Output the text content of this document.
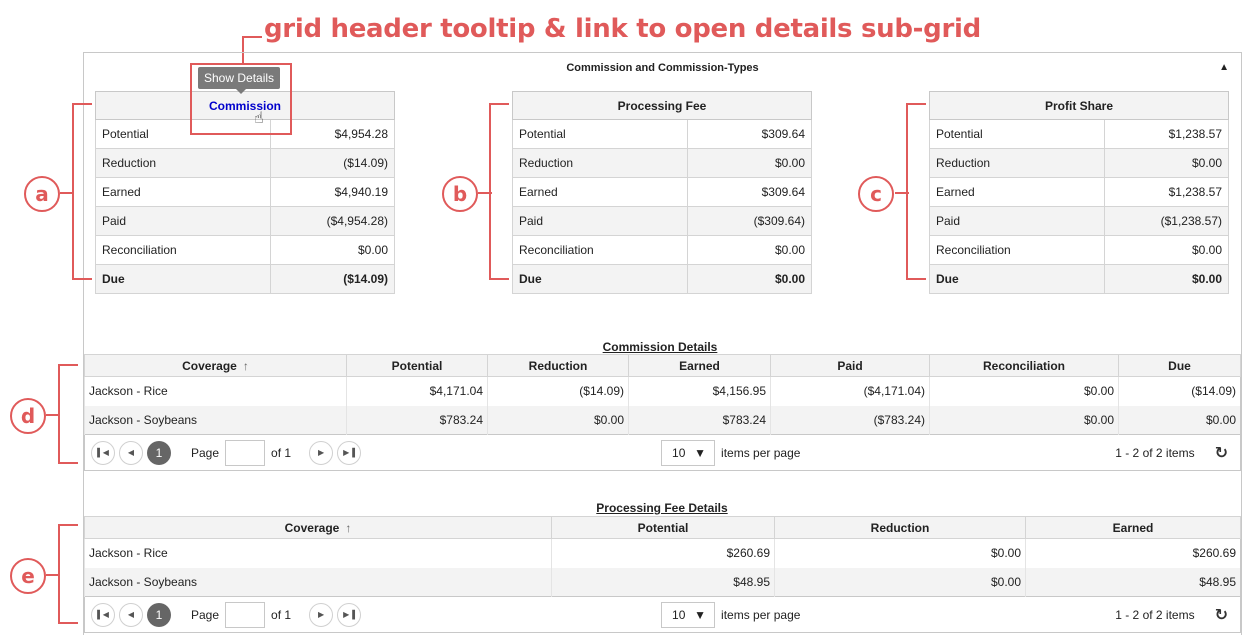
grid header tooltip & link to open details sub-grid
Commission and Commission-Types	▲
Commission	
Potential	$4,954.28
Reduction	($14.09)
Earned	$4,940.19
Paid	($4,954.28)
Reconciliation	$0.00
Due	($14.09)
Processing Fee	
Potential	$309.64
Reduction	$0.00
Earned	$309.64
Paid	($309.64)
Reconciliation	$0.00
Due	$0.00
Profit Share	
Potential	$1,238.57
Reduction	$0.00
Earned	$1,238.57
Paid	($1,238.57)
Reconciliation	$0.00
Due	$0.00
Show Details
☝
a	b	c
Commission Details
Coverage ↑	Potential	Reduction	Earned	Paid	Reconciliation	Due
Jackson - Rice	$4,171.04	($14.09)	$4,156.95	($4,171.04)	$0.00	($14.09)
Jackson - Soybeans	$783.24	$0.00	$783.24	($783.24)	$0.00	$0.00
▌◀	◀	1	Page	of 1	▶	▶▐	10 ▼ items per page	1 - 2 of 2 items ↻
d
Processing Fee Details
Coverage ↑	Potential	Reduction	Earned
Jackson - Rice	$260.69	$0.00	$260.69
Jackson - Soybeans	$48.95	$0.00	$48.95
▌◀	◀	1	Page	of 1	▶	▶▐	10 ▼ items per page	1 - 2 of 2 items ↻
e
